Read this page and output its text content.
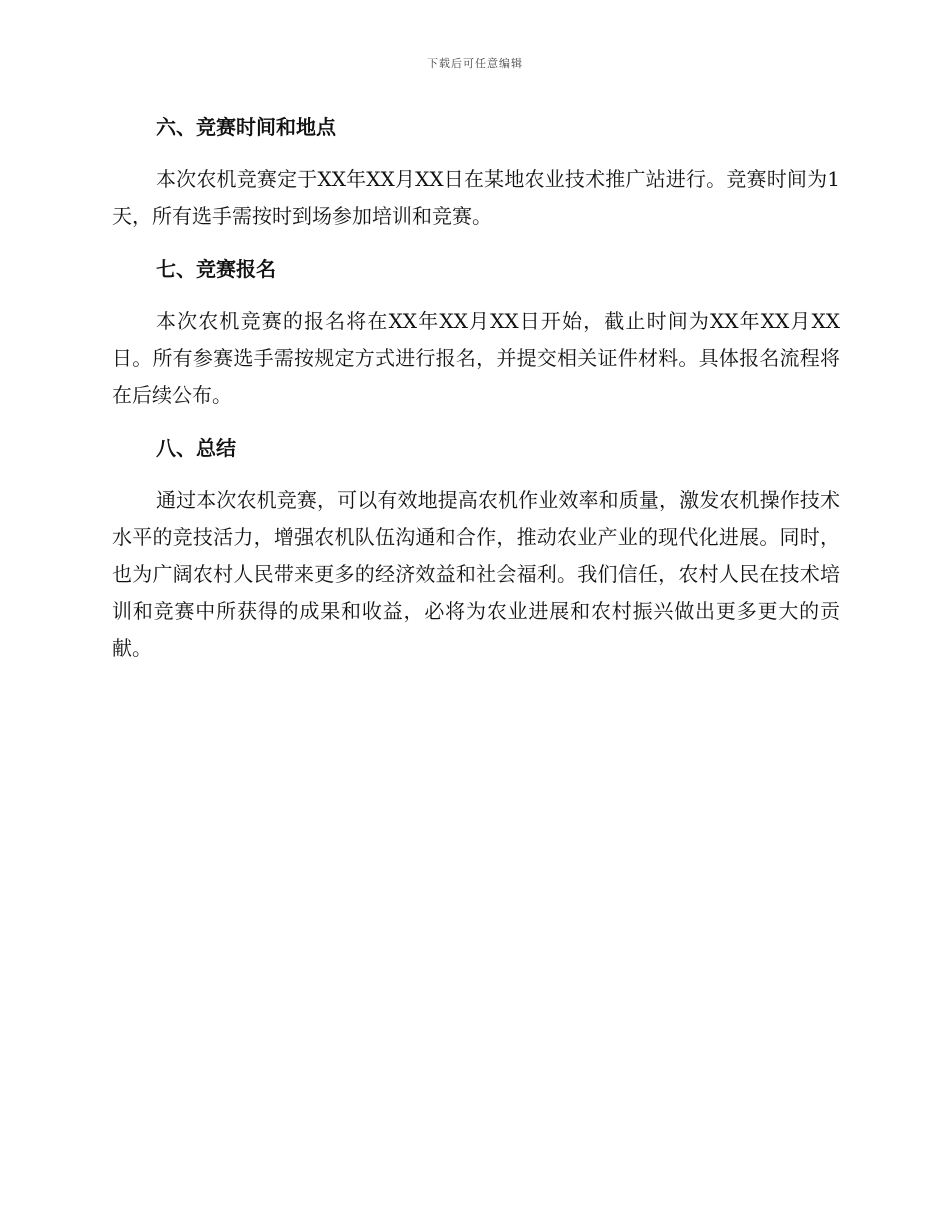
下载后可任意编辑
六、竞赛时间和地点

本次农机竞赛定于XX年XX月XX日在某地农业技术推广站进行。竞赛时间为1天，所有选手需按时到场参加培训和竞赛。

七、竞赛报名

本次农机竞赛的报名将在XX年XX月XX日开始，截止时间为XX年XX月XX日。所有参赛选手需按规定方式进行报名，并提交相关证件材料。具体报名流程将在后续公布。

八、总结

通过本次农机竞赛，可以有效地提高农机作业效率和质量，激发农机操作技术水平的竞技活力，增强农机队伍沟通和合作，推动农业产业的现代化进展。同时，也为广阔农村人民带来更多的经济效益和社会福利。我们信任，农村人民在技术培训和竞赛中所获得的成果和收益，必将为农业进展和农村振兴做出更多更大的贡献。
